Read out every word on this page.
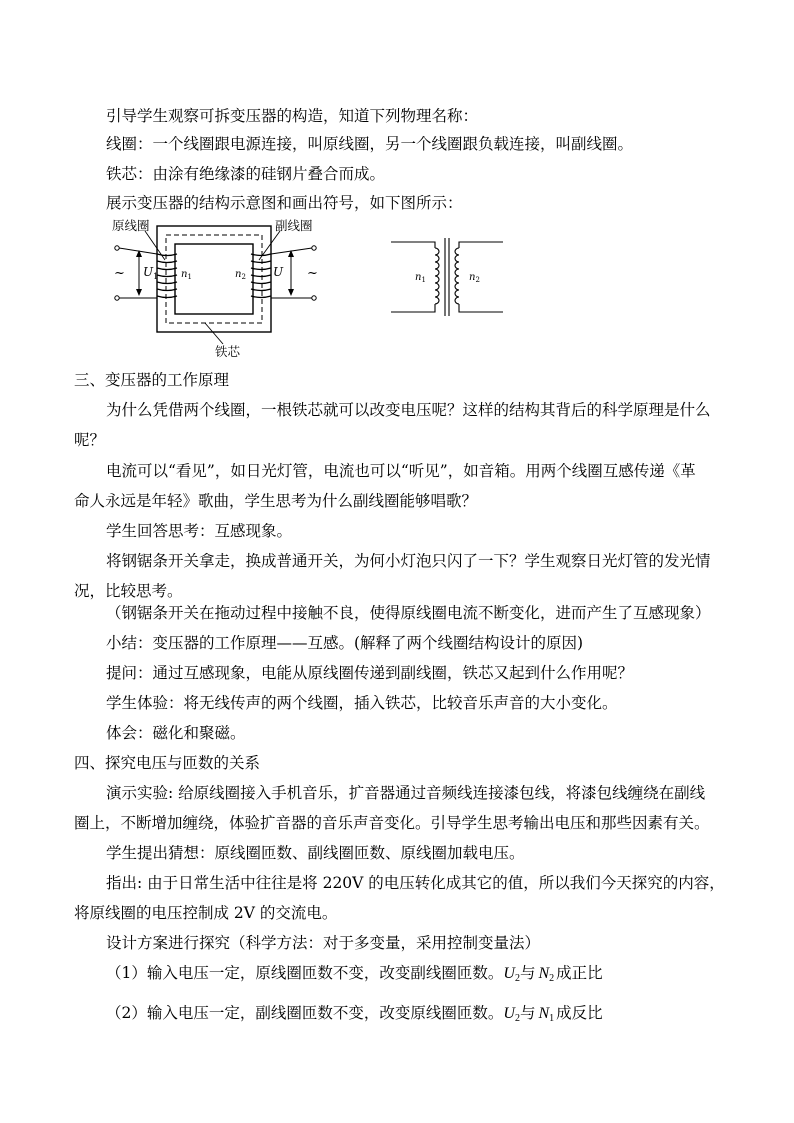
引导学生观察可拆变压器的构造，知道下列物理名称：
线圈：一个线圈跟电源连接，叫原线圈，另一个线圈跟负载连接，叫副线圈。
铁芯：由涂有绝缘漆的硅钢片叠合而成。
展示变压器的结构示意图和画出符号，如下图所示：
原线圈	副线圈
铁芯
~	~
$U_1$	U
$n_1$	$n_2$	$n_1$	$n_2$
三、变压器的工作原理
为什么凭借两个线圈，一根铁芯就可以改变电压呢？这样的结构其背后的科学原理是什么
呢？
电流可以“看见”，如日光灯管，电流也可以“听见”，如音箱。用两个线圈互感传递《革
命人永远是年轻》歌曲，学生思考为什么副线圈能够唱歌？
学生回答思考：互感现象。
将钢锯条开关拿走，换成普通开关，为何小灯泡只闪了一下？学生观察日光灯管的发光情
况，比较思考。
（钢锯条开关在拖动过程中接触不良，使得原线圈电流不断变化，进而产生了互感现象）
小结：变压器的工作原理——互感。(解释了两个线圈结构设计的原因)
提问：通过互感现象，电能从原线圈传递到副线圈，铁芯又起到什么作用呢？
学生体验：将无线传声的两个线圈，插入铁芯，比较音乐声音的大小变化。
体会：磁化和聚磁。
四、探究电压与匝数的关系
演示实验: 给原线圈接入手机音乐，扩音器通过音频线连接漆包线，将漆包线缠绕在副线
圈上，不断增加缠绕，体验扩音器的音乐声音变化。引导学生思考输出电压和那些因素有关。
学生提出猜想：原线圈匝数、副线圈匝数、原线圈加载电压。
指出: 由于日常生活中往往是将 220V 的电压转化成其它的值，所以我们今天探究的内容，
将原线圈的电压控制成 2V 的交流电。
设计方案进行探究（科学方法：对于多变量，采用控制变量法）
（1）输入电压一定，原线圈匝数不变，改变副线圈匝数。$U_2$与 $N_2$ 成正比
（2）输入电压一定，副线圈匝数不变，改变原线圈匝数。$U_2$与 $N_1$ 成反比
